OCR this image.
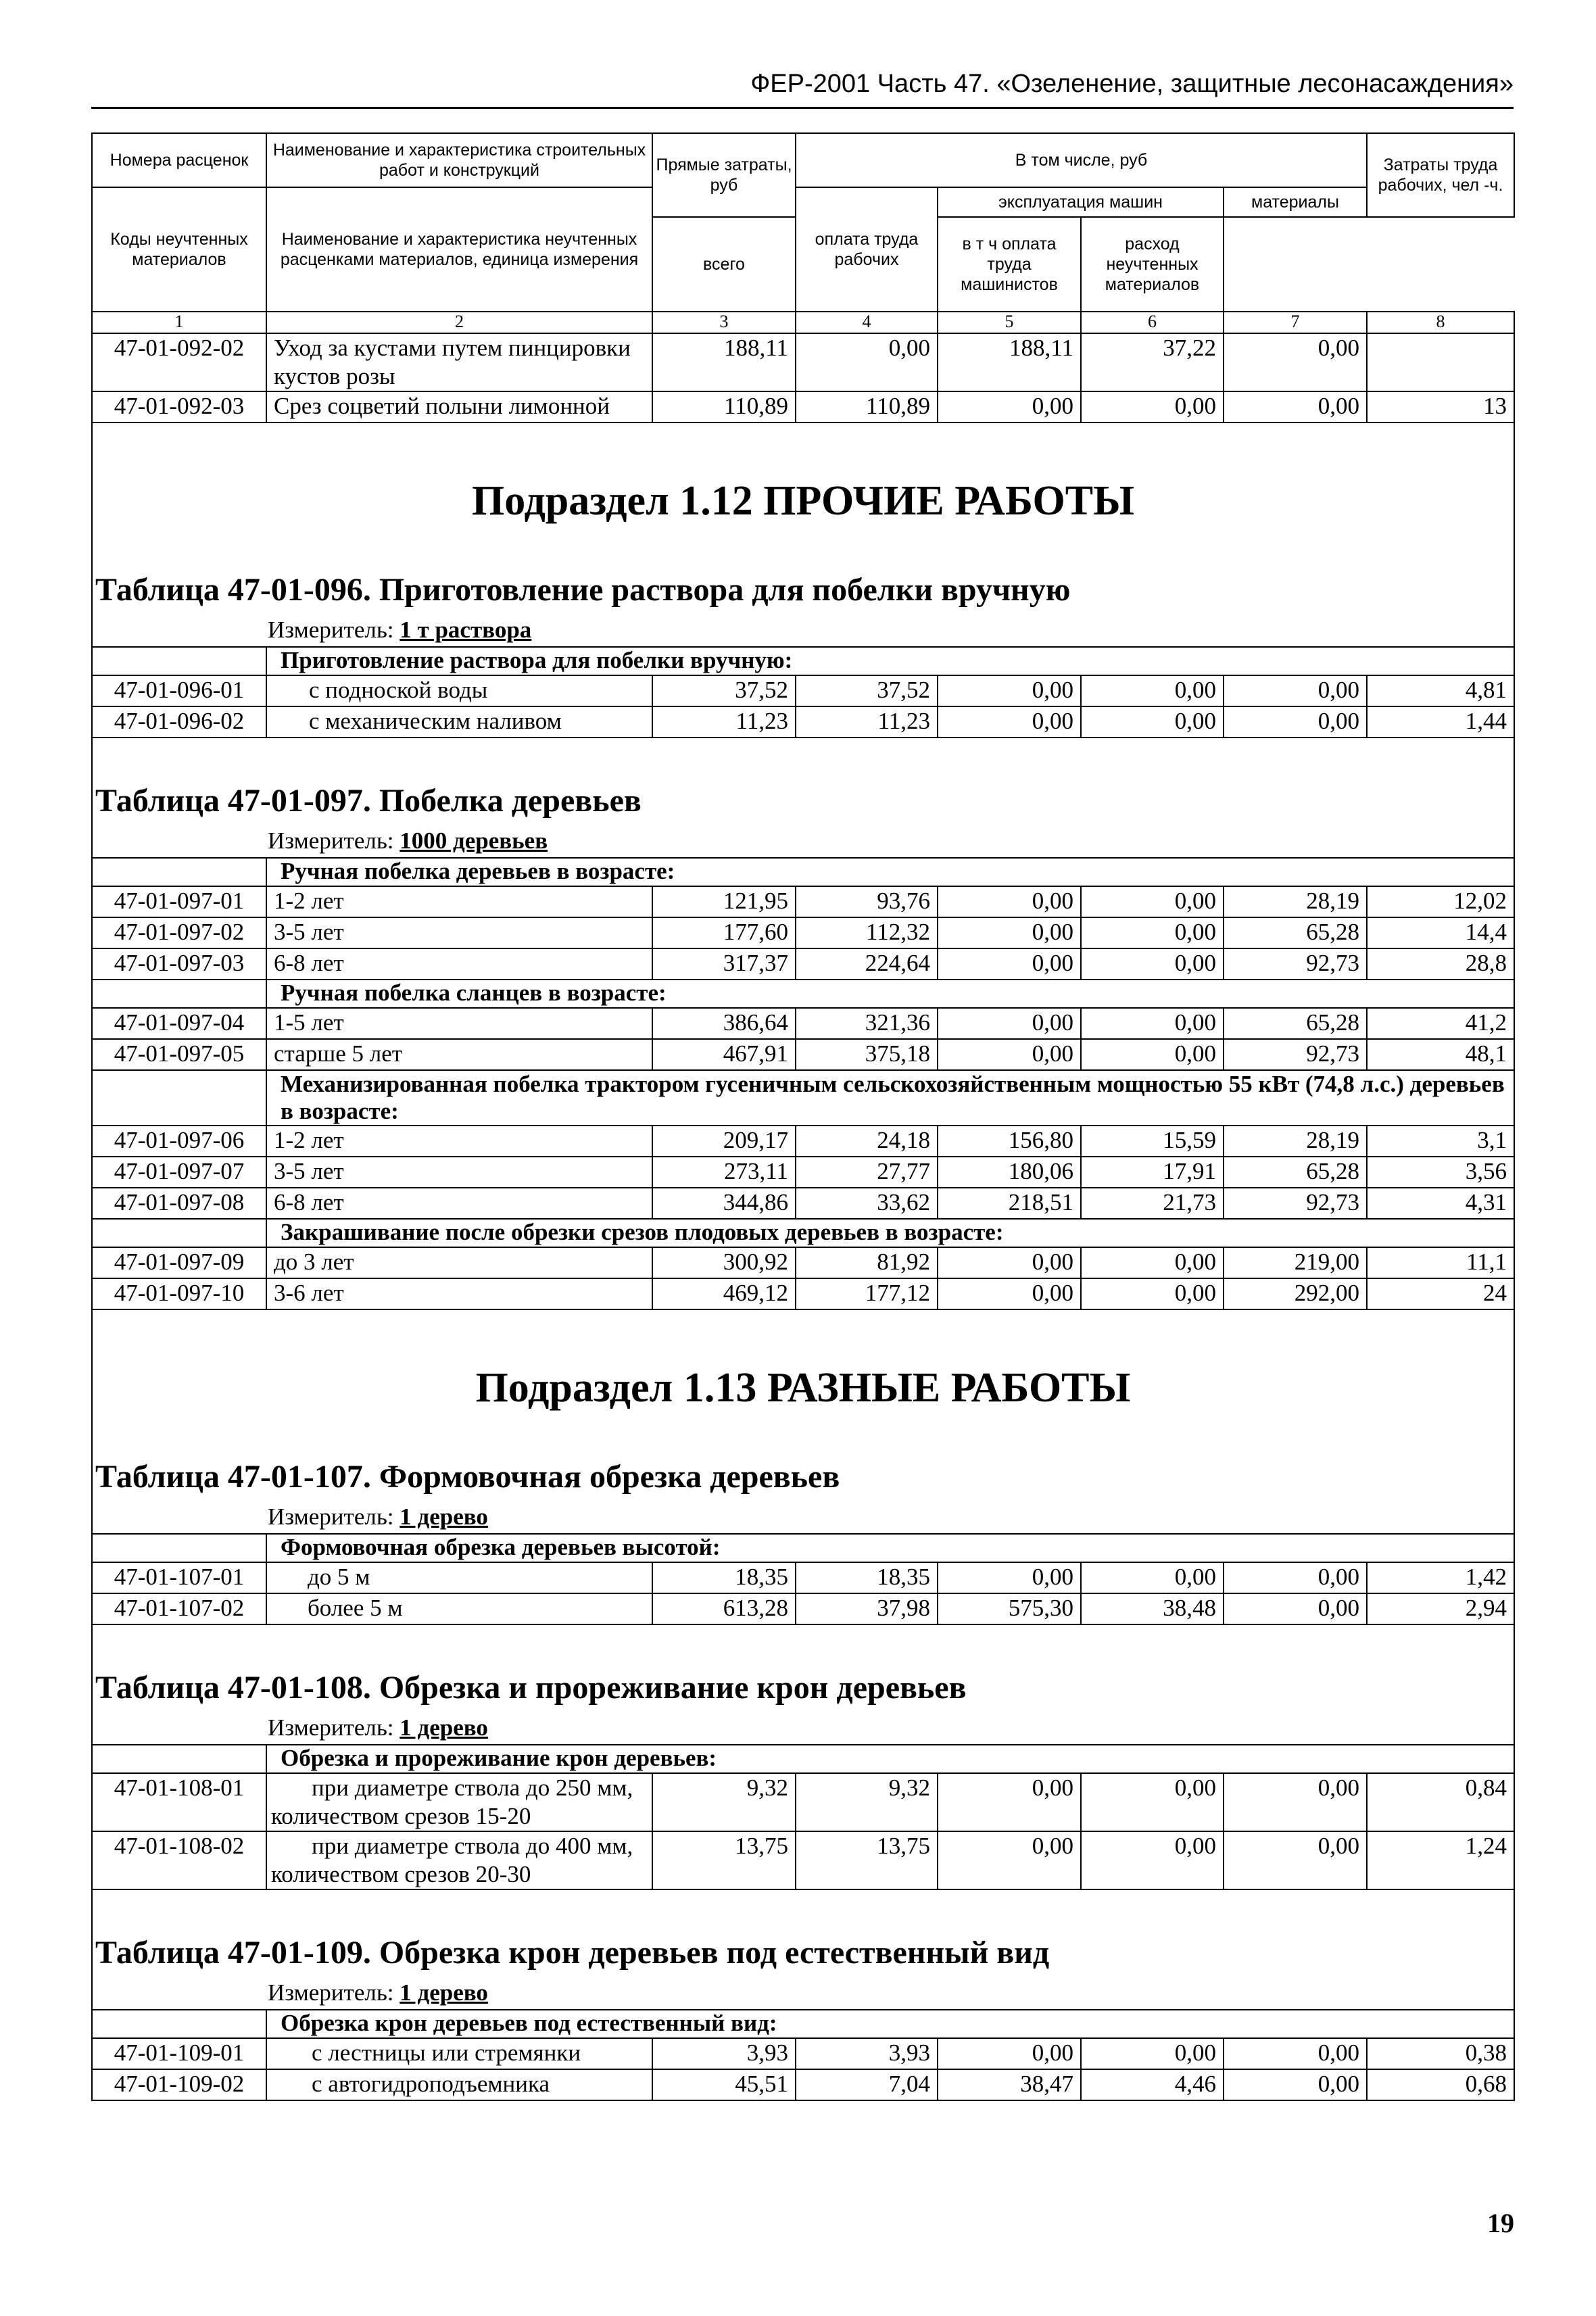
ФЕР-2001 Часть 47. «Озеленение, защитные лесонасаждения»
Номера расценок	Наименование и характеристика строительных работ и конструкций	Прямые затраты, руб	В том числе, руб				Затраты труда рабочих, чел -ч.
Коды неучтенных материалов	Наименование и характеристика неучтенных расценками материалов, единица измерения		оплата труда рабочих	эксплуатация машин		материалы	
		всего		в т ч оплата труда машинистов	расход неучтенных материалов		
1	2	3	4	5	6	7	8
47-01-092-02	Уход за кустами путем пинцировки кустов розы	188,11	0,00	188,11	37,22	0,00	
47-01-092-03	Срез соцветий полыни лимонной	110,89	110,89	0,00	0,00	0,00	13

Подраздел 1.12 ПРОЧИЕ РАБОТЫ
Таблица 47-01-096. Приготовление раствора для побелки вручную
Измеритель: 1 т раствора							

	Приготовление раствора для побелки вручную:						
47-01-096-01	с подноской воды	37,52	37,52	0,00	0,00	0,00	4,81
47-01-096-02	с механическим наливом	11,23	11,23	0,00	0,00	0,00	1,44

Таблица 47-01-097. Побелка деревьев
Измеритель: 1000 деревьев							

	Ручная побелка деревьев в возрасте:						
47-01-097-01	1-2 лет	121,95	93,76	0,00	0,00	28,19	12,02
47-01-097-02	3-5 лет	177,60	112,32	0,00	0,00	65,28	14,4
47-01-097-03	6-8 лет	317,37	224,64	0,00	0,00	92,73	28,8
	Ручная побелка сланцев в возрасте:						
47-01-097-04	1-5 лет	386,64	321,36	0,00	0,00	65,28	41,2
47-01-097-05	старше 5 лет	467,91	375,18	0,00	0,00	92,73	48,1
	Механизированная побелка трактором гусеничным сельскохозяйственным мощностью 55 кВт (74,8 л.с.) деревьев в возрасте:						
47-01-097-06	1-2 лет	209,17	24,18	156,80	15,59	28,19	3,1
47-01-097-07	3-5 лет	273,11	27,77	180,06	17,91	65,28	3,56
47-01-097-08	6-8 лет	344,86	33,62	218,51	21,73	92,73	4,31
	Закрашивание после обрезки срезов плодовых деревьев в возрасте:						
47-01-097-09	до 3 лет	300,92	81,92	0,00	0,00	219,00	11,1
47-01-097-10	3-6 лет	469,12	177,12	0,00	0,00	292,00	24

Подраздел 1.13 РАЗНЫЕ РАБОТЫ
Таблица 47-01-107. Формовочная обрезка деревьев
Измеритель: 1 дерево							

	Формовочная обрезка деревьев высотой:						
47-01-107-01	до 5 м	18,35	18,35	0,00	0,00	0,00	1,42
47-01-107-02	более 5 м	613,28	37,98	575,30	38,48	0,00	2,94

Таблица 47-01-108. Обрезка и прореживание крон деревьев
Измеритель: 1 дерево							

	Обрезка и прореживание крон деревьев:						
47-01-108-01	при диаметре ствола до 250 мм, количеством срезов 15-20	9,32	9,32	0,00	0,00	0,00	0,84
47-01-108-02	при диаметре ствола до 400 мм, количеством срезов 20-30	13,75	13,75	0,00	0,00	0,00	1,24

Таблица 47-01-109. Обрезка крон деревьев под естественный вид
Измеритель: 1 дерево							

	Обрезка крон деревьев под естественный вид:						
47-01-109-01	с лестницы или стремянки	3,93	3,93	0,00	0,00	0,00	0,38
47-01-109-02	с автогидроподъемника	45,51	7,04	38,47	4,46	0,00	0,68
19
